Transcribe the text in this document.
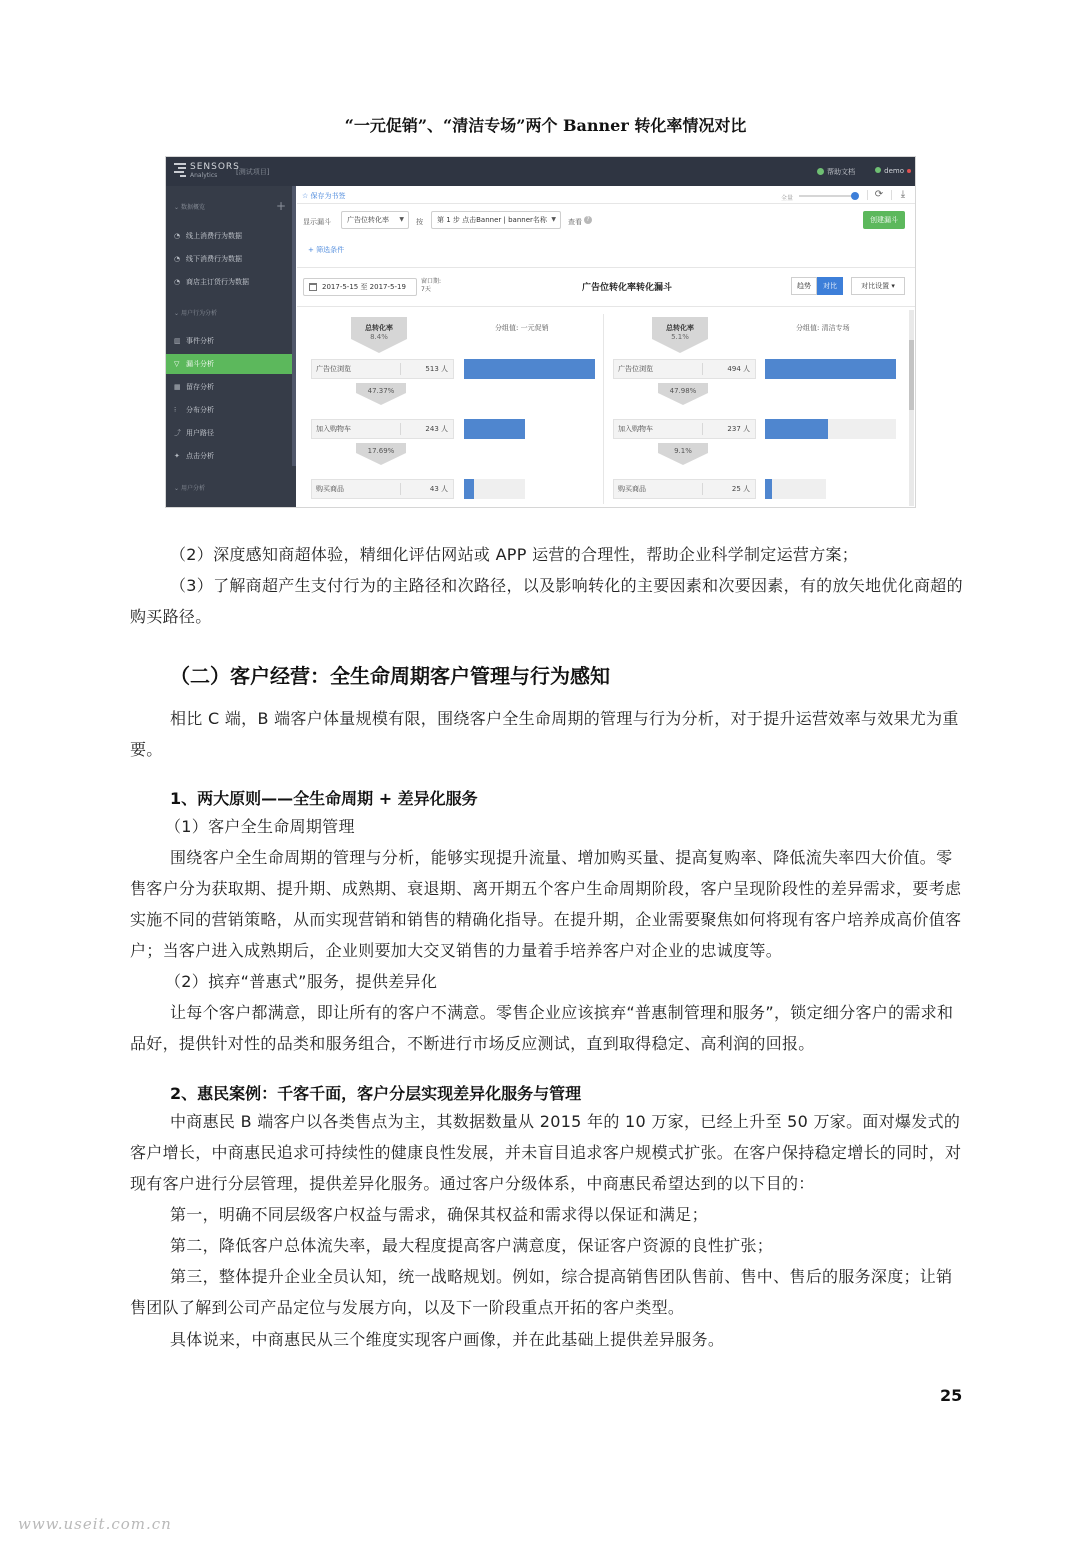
“一元促销”、“清洁专场”两个 Banner 转化率情况对比
SENSORS
Analytics	[测试项目]	帮助文档	demo
⌄ 数据概览	+
◔ 线上消费行为数据
◔ 线下消费行为数据
◔ 商店主订货行为数据
⌄ 用户行为分析
▥ 事件分析
▽ 漏斗分析
▦ 留存分析
⁝ 分布分析
⤴ 用户路径
✦ 点击分析
⌄ 用户分析
☆ 保存为书签	全量	⟳	⤓
显示漏斗	广告位转化率 ▼ 按	第 1 步 点击Banner | banner名称 ▼ 查看 ?	创建漏斗
+ 筛选条件
2017-5-15 至 2017-5-19
窗口期:
7天	广告位转化率转化漏斗	趋势	对比	对比设置 ▾
总转化率
8.4%
分组值: 一元促销
广告位浏览	513 人
47.37%
加入购物车	243 人
17.69%
购买商品	43 人
总转化率
5.1%
分组值: 清洁专场
广告位浏览	494 人
47.98%
加入购物车	237 人
9.1%
购买商品	25 人
（2）深度感知商超体验，精细化评估网站或 APP 运营的合理性，帮助企业科学制定运营方案；
（3）了解商超产生支付行为的主路径和次路径，以及影响转化的主要因素和次要因素，有的放矢地优化商超的购买路径。
（二）客户经营：全生命周期客户管理与行为感知
相比 C 端，B 端客户体量规模有限，围绕客户全生命周期的管理与行为分析，对于提升运营效率与效果尤为重要。
1、两大原则——全生命周期 + 差异化服务
（1）客户全生命周期管理
围绕客户全生命周期的管理与分析，能够实现提升流量、增加购买量、提高复购率、降低流失率四大价值。零售客户分为获取期、提升期、成熟期、衰退期、离开期五个客户生命周期阶段，客户呈现阶段性的差异需求，要考虑实施不同的营销策略，从而实现营销和销售的精确化指导。在提升期，企业需要聚焦如何将现有客户培养成高价值客户；当客户进入成熟期后，企业则要加大交叉销售的力量着手培养客户对企业的忠诚度等。
（2）摈弃“普惠式”服务，提供差异化
让每个客户都满意，即让所有的客户不满意。零售企业应该摈弃“普惠制管理和服务”，锁定细分客户的需求和品好，提供针对性的品类和服务组合，不断进行市场反应测试，直到取得稳定、高利润的回报。
2、惠民案例：千客千面，客户分层实现差异化服务与管理
中商惠民 B 端客户以各类售点为主，其数据数量从 2015 年的 10 万家，已经上升至 50 万家。面对爆发式的客户增长，中商惠民追求可持续性的健康良性发展，并未盲目追求客户规模式扩张。在客户保持稳定增长的同时，对现有客户进行分层管理，提供差异化服务。通过客户分级体系，中商惠民希望达到的以下目的：
第一，明确不同层级客户权益与需求，确保其权益和需求得以保证和满足；
第二，降低客户总体流失率，最大程度提高客户满意度，保证客户资源的良性扩张；
第三，整体提升企业全员认知，统一战略规划。例如，综合提高销售团队售前、售中、售后的服务深度；让销售团队了解到公司产品定位与发展方向，以及下一阶段重点开拓的客户类型。
具体说来，中商惠民从三个维度实现客户画像，并在此基础上提供差异服务。
25
www.useit.com.cn
